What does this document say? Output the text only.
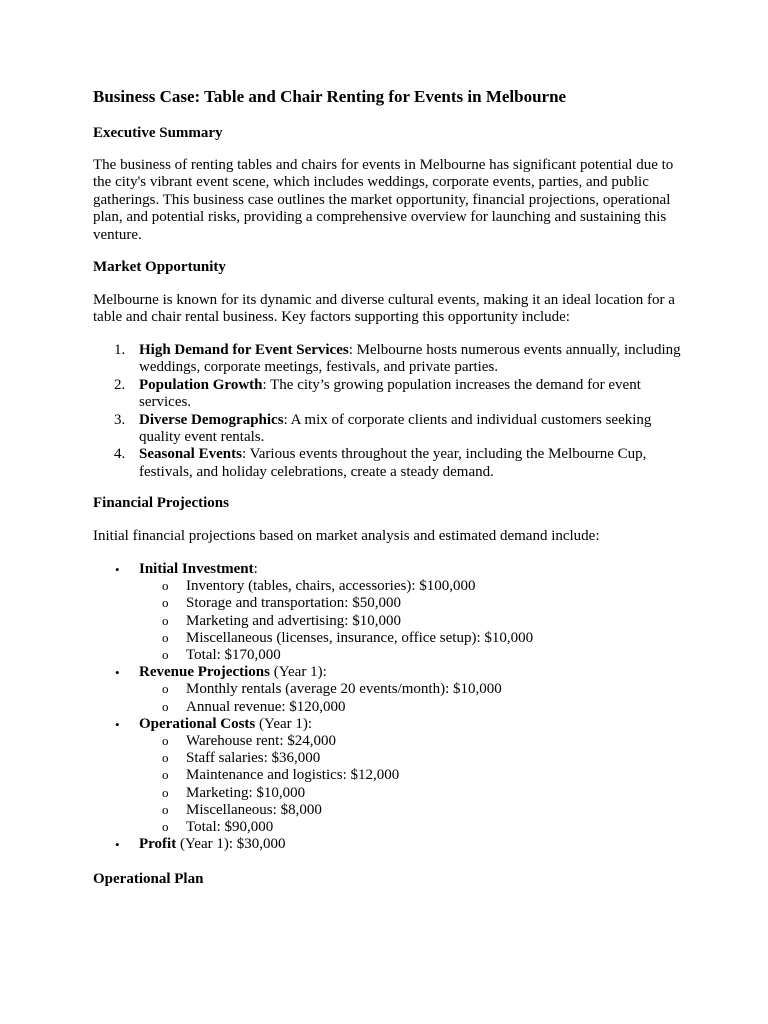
Business Case: Table and Chair Renting for Events in Melbourne
Executive Summary

The business of renting tables and chairs for events in Melbourne has significant potential due to the city's vibrant event scene, which includes weddings, corporate events, parties, and public gatherings. This business case outlines the market opportunity, financial projections, operational plan, and potential risks, providing a comprehensive overview for launching and sustaining this venture.

Market Opportunity

Melbourne is known for its dynamic and diverse cultural events, making it an ideal location for a table and chair rental business. Key factors supporting this opportunity include:

1. High Demand for Event Services: Melbourne hosts numerous events annually, including weddings, corporate meetings, festivals, and private parties.
2. Population Growth: The city’s growing population increases the demand for event services.
3. Diverse Demographics: A mix of corporate clients and individual customers seeking quality event rentals.
4. Seasonal Events: Various events throughout the year, including the Melbourne Cup, festivals, and holiday celebrations, create a steady demand.
Financial Projections

Initial financial projections based on market analysis and estimated demand include:

• Initial Investment:
o Inventory (tables, chairs, accessories): $100,000
o Storage and transportation: $50,000
o Marketing and advertising: $10,000
o Miscellaneous (licenses, insurance, office setup): $10,000
o Total: $170,000
• Revenue Projections (Year 1):
o Monthly rentals (average 20 events/month): $10,000
o Annual revenue: $120,000
• Operational Costs (Year 1):
o Warehouse rent: $24,000
o Staff salaries: $36,000
o Maintenance and logistics: $12,000
o Marketing: $10,000
o Miscellaneous: $8,000
o Total: $90,000
• Profit (Year 1): $30,000
Operational Plan
